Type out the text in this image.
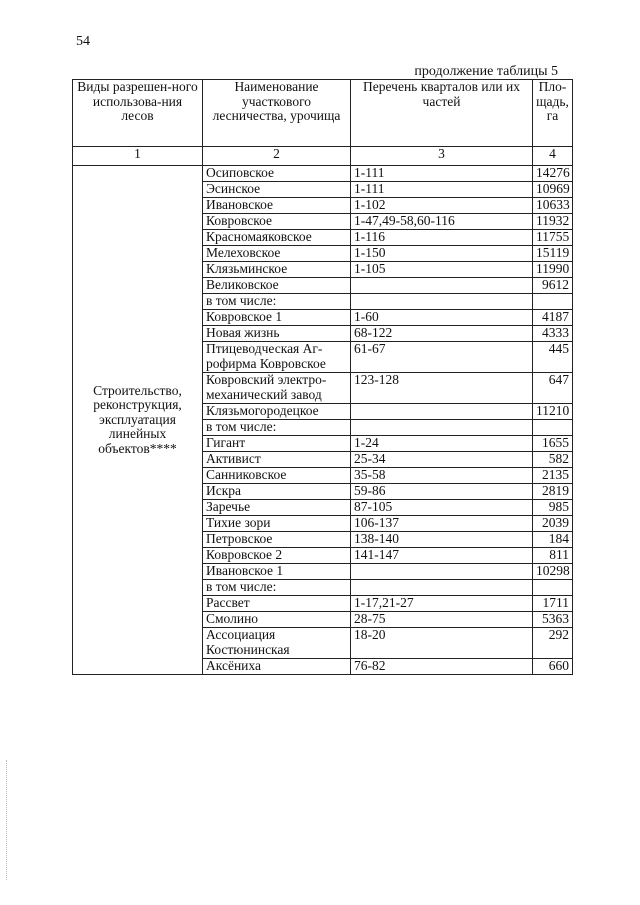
54
продолжение таблицы 5
Виды разрешен-ного использова-ния лесов	Наименование участкового лесничества, урочища	Перечень кварталов или их частей	Пло-щадь, га
1	2	3	4
Строительство, реконструкция, эксплуатация линейных объектов****	Осиповское	1-111	14276
	Эсинское	1-111	10969
	Ивановское	1-102	10633
	Ковровское	1-47,49-58,60-116	11932
	Красномаяковское	1-116	11755
	Мелеховское	1-150	15119
	Клязьминское	1-105	11990
	Великовское		9612
	в том числе:		
	Ковровское 1	1-60	4187
	Новая жизнь	68-122	4333
	Птицеводческая Аг-рофирма Ковровское	61-67	445
	Ковровский электро-механический завод	123-128	647
	Клязьмогородецкое		11210
	в том числе:		
	Гигант	1-24	1655
	Активист	25-34	582
	Санниковское	35-58	2135
	Искра	59-86	2819
	Заречье	87-105	985
	Тихие зори	106-137	2039
	Петровское	138-140	184
	Ковровское 2	141-147	811
	Ивановское 1		10298
	в том числе:		
	Рассвет	1-17,21-27	1711
	Смолино	28-75	5363
	Ассоциация Костюнинская	18-20	292
	Аксёниха	76-82	660
